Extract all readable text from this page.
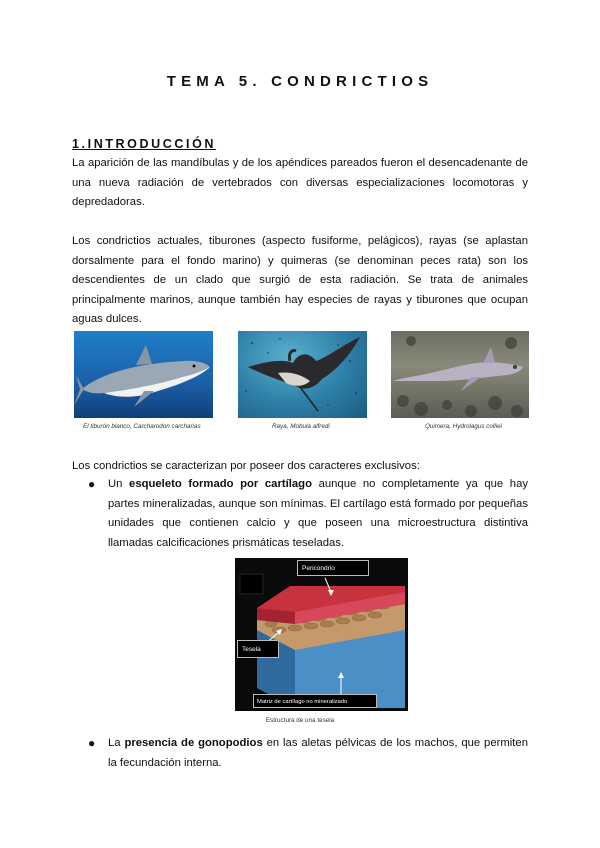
TEMA 5. CONDRICTIOS
1.INTRODUCCIÓN

La aparición de las mandíbulas y de los apéndices pareados fueron el desencadenante de una nueva radiación de vertebrados con diversas especializaciones locomotoras y depredadoras.

Los condrictios actuales, tiburones (aspecto fusiforme, pelágicos), rayas (se aplastan dorsalmente para el fondo marino) y quimeras (se denominan peces rata) son los descendientes de un clado que surgió de esta radiación. Se trata de animales principalmente marinos, aunque también hay especies de rayas y tiburones que ocupan aguas dulces.

El tiburón blanco, Carcharodon carcharias	Raya, Mobula alfredi	Quimera, Hydrolagus colliei

Los condrictios se caracterizan por poseer dos caracteres exclusivos:

● Un esqueleto formado por cartílago aunque no completamente ya que hay partes mineralizadas, aunque son mínimas. El cartílago está formado por pequeñas unidades que contienen calcio y que poseen una microestructura distintiva llamadas calcificaciones prismáticas teseladas.

Pericondrio
Tesela
Matriz de cartílago no mineralizado
Estructura de una tesela
● La presencia de gonopodios en las aletas pélvicas de los machos, que permiten la fecundación interna.
